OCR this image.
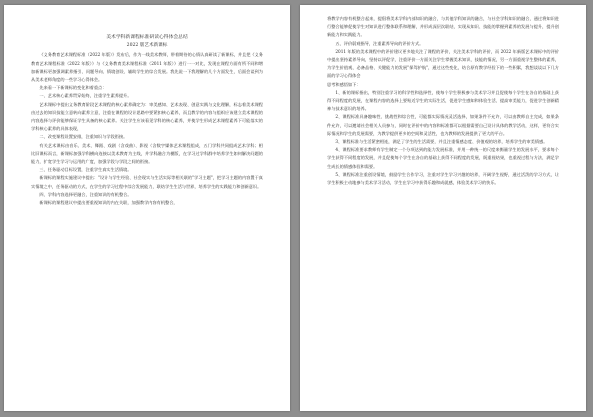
美术学科新课程标准研读心得体会总结

2022 版艺术新课标

《义务教育艺术课程标准（2022 年版）》发布后，作为一线美术教师，带着期待的心情认真研读了新课标，并且把《义务教育艺术课程标准（2022 年版）》与《义务教育美术课程标准（2011 年版）》进行一一对比，发现在课程方面有所不同和增加新课标更加强调素养指引、问题导向、情境创设、辅助学生的综合发展。我先说一下我理解的几个方面发生，后面会谈到为从美术老师角度的一些学习心得体会。

先来看一下新课标的变化和着重点：

一、艺术核心素养贯穿始终，注重学生素养提升。

艺术课标中提出义务教育阶段艺术课程的核心素养确定为：审美感知、艺术表现、创意实践与文化理解，标志着美术课程由过去的知识技能立意转向素养立意，注重在课程的设计思路中要紧扣核心素养，而且教学的内容与组织应该建立美术课程的内容选择与评价能够保证学生具备的核心素养。关注学生应该看见学科的核心素养，并使学生形成艺术课程素养下可能落实的学科核心素养的具体表现，

二、改变课程设置安排，注重知识与学段衔接。

有关艺术课标由音乐、美术、舞蹈、戏剧（含戏曲）、影视（含数字媒体艺术课程组成，五门学科共同组成艺术学科；相比旧课标而言，新课标加强学科横向连接以美术教育为主线，并学科融合为模版，在学习过学科群中培养学生如何解决问题的能力，扩宽学生学习与运用的广度，加强学段与学段之间的衔接。

三、任务驱动目标设置，注重学生真实生活情境。

新课标的课程实施建议中提出："设计与学生经验、社会现实与生活实际等相关联的"学习主题"，把学习主题的内容置于真实情境之中，任务驱动的方式，在学生的学习过程中综合发展能力，联结学生生活与世界，培养学生的实践能力和创新意识。

四、学科内容选择更融合，注重知识的有机整合。

新课标的课程建议中提出要重视知识的内在关联，加强教学内容有机整合，

将教学内容有机整合起来，提倡将美术学科内部知识的融合，与其他学科知识的融合，与社会学科知识的融合，通过将知识进行整合能够促使学生对知识进行整体联系和理解，并形成深层次联结，实现从知识、技能的掌握到素养的发展与提升，提升创新能力和实践能力。

五、评价弱观指导，注重素养导向的评价方式。

2011 年版的美术课程中的评价建议更多地关注了课程的评价，关注美术学科的评价，而 2022 年新版艺术课标中的评价中提出坚持素养导向，坚持以评促学，注重评价一方面关注学生掌握美术知识、技能的情况，另一方面重视学生整体的素养，为学生价值观、必备品格、关键能力的发展"保驾护航"，通过这些变化，结合原有教学经验下的一些积累，我想谈谈以下几方面的学习心得体会

思考和感悟如下：

1、新的课标指出，特别注重学习的科学性和选择性，使每个学生积极参与美术学习并且促使每个学生在各自的基础上获得不同程度的发展，在课程内容的选择上要贴近学生的实际生活，促进学生感知和体验生活、提高审美能力，促进学生创新精神与技术意识的培养。

2、课程标准具备趣味性、挑战性和综合性，可能都实际情况灵活选择，如果条件不允许，可以由教师自主完成，如果条件允许，可以邀请社会相关人员参与，同时在评价中的内容和标准都可以根据需要自己设计具体的教学活动，这样，更符合实际情况和学生的发展需要，为教学提供更多的空间和灵活性，也为教师的发展提供了更大的平台。

3、课程标准与生活紧密相连，满足了学生的生活需要，并且注重情感态度、价值观的培养，培养学生的审美情感。

4、课程标准要求教师有学生制定一个分项达到的能力发展标准，并用一种统一的尺度来衡量学生的发展水平，要求每个学生获得不同程度的发展，并且促使每个学生在各自的基础上获得不同程度的发展，既重视结果，也重视过程与方法，满足学生成长的情感体验和需要。

5、课程标准注重创设情境，鼓励学生合作学习，注重对学生学习兴趣的培养，开阔学生视野，通过活泼的学习方式，让学生积极主动地参与美术学习活动，学生在学习中获得乐趣和成就感，体验美术学习的快乐。
